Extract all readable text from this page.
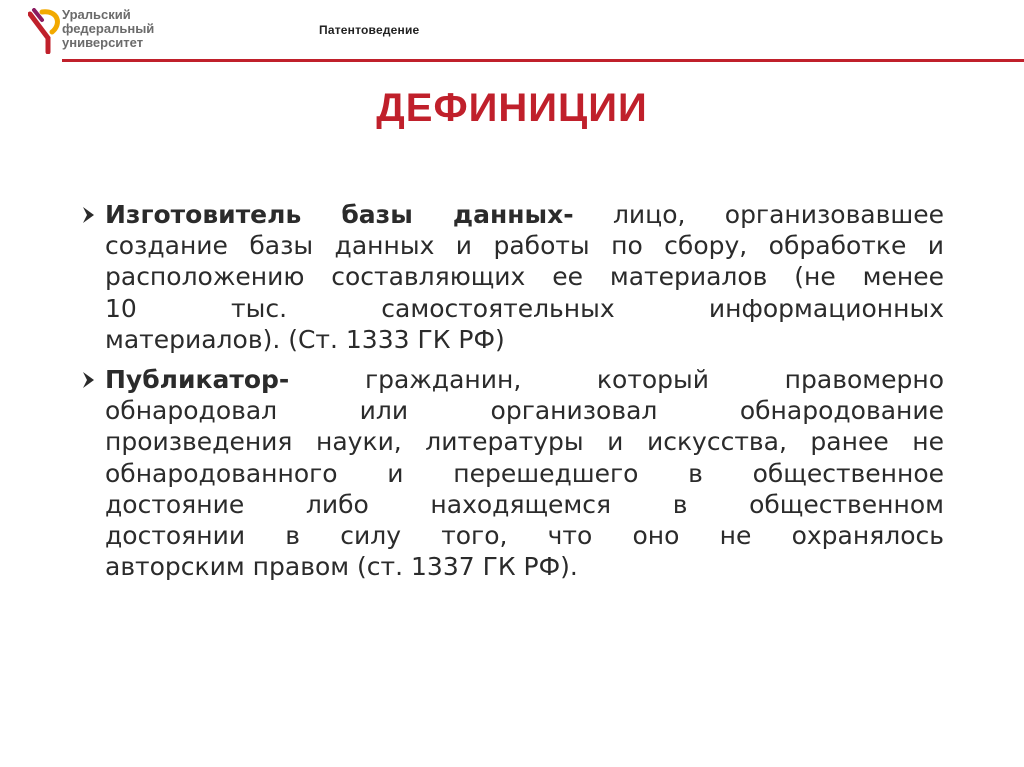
Уральский
федеральный
университет
Патентоведение
ДЕФИНИЦИИ
Изготовитель базы данных- лицо, организовавшее
создание базы данных и работы по сбору, обработке и
расположению составляющих ее материалов (не менее
10 тыс. самостоятельных информационных
материалов). (Ст. 1333 ГК РФ)
Публикатор-	гражданин, который правомерно
обнародовал или организовал обнародование
произведения науки, литературы и искусства, ранее не
обнародованного и перешедшего в общественное
достояние либо находящемся в общественном
достоянии в силу того, что оно не охранялось
авторским правом (ст. 1337 ГК РФ).
